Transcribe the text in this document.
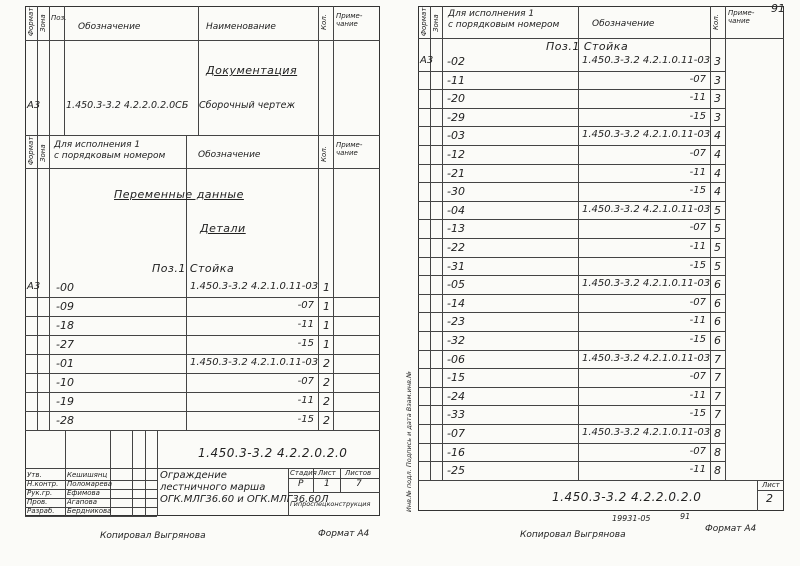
91
Формат Зона Поз.
Обозначение	Наименование	Кол. Приме-
чание
Документация
А3	1.450.3-3.2 4.2.2.0.2.0СБ Сборочный чертеж
Формат Зона Для исполнения 1
с порядковым номером	Обозначение	Кол.
Приме-
чание
Переменные данные
Детали
Поз.1 Стойка
А3 -00	1.450.3-3.2 4.2.1.0.11-03 1
-09	-07 1
-18	-11 1
-27	-15 1
-01	1.450.3-3.2 4.2.1.0.11-03 2
-10	-07 2
-19	-11 2
-28	-15 2
1.450.3-3.2 4.2.2.0.2.0
Утв.	Кешишянц
Н.контр. Поломарева
Рук.гр. Ефимова
Пров.	Агапова
Разраб. Бердникова
Ограждение
лестничного марша
ОГК.МЛГ36.60 и ОГК.МЛГ36.60Л
Стадия Лист Листов
Р 1	7
Гипроспецконструкция
Копировал Выгрянова	Формат А4
Формат Зона
Для исполнения 1
с порядковым номером	Обозначение	Кол.
Приме-
чание
Поз.1 Стойка
А3 -02	1.450.3-3.2 4.2.1.0.11-03 3
-11	-07 3
-20	-11 3
-29	-15 3
-03	1.450.3-3.2 4.2.1.0.11-03 4
-12	-07 4
-21	-11 4
-30	-15 4
-04	1.450.3-3.2 4.2.1.0.11-03 5
-13	-07 5
-22	-11 5
-31	-15 5
-05	1.450.3-3.2 4.2.1.0.11-03 6
-14	-07 6
-23	-11 6
-32	-15 6
-06	1.450.3-3.2 4.2.1.0.11-03 7
-15	-07 7
-24	-11 7
-33	-15 7
-07	1.450.3-3.2 4.2.1.0.11-03 8
-16	-07 8
-25	-11 8
1.450.3-3.2 4.2.2.0.2.0
Лист
2
Инв.№ подл. Подпись и дата Взам.инв.№
19931-05	91
Копировал Выгрянова
Формат А4
